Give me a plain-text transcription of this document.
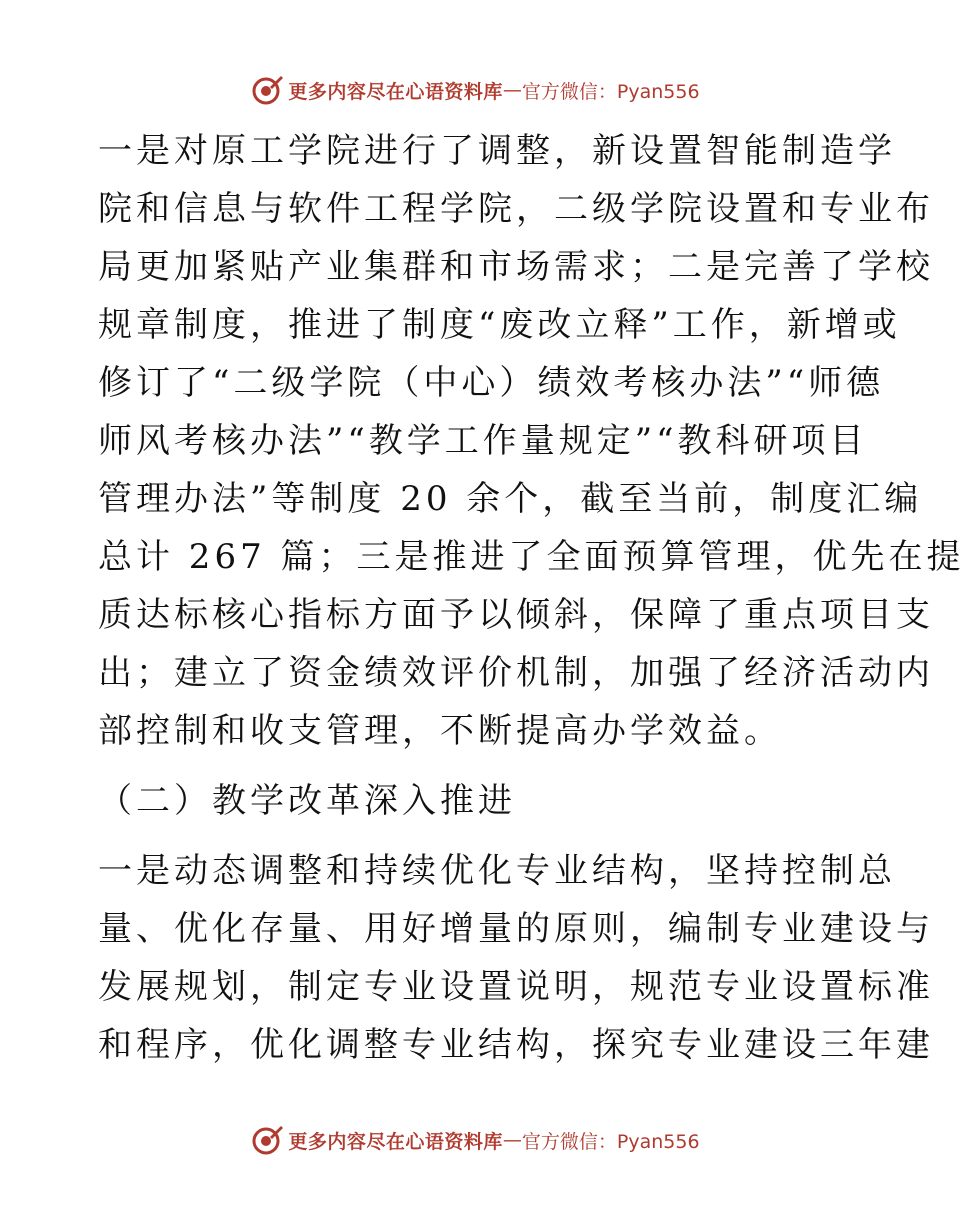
更多内容尽在心语资料库 — 官方微信：Pyan556
一是对原工学院进行了调整，新设置智能制造学
院和信息与软件工程学院，二级学院设置和专业布
局更加紧贴产业集群和市场需求；二是完善了学校
规章制度，推进了制度“废改立释”工作，新增或
修订了“二级学院（中心）绩效考核办法”“师德
师风考核办法”“教学工作量规定”“教科研项目
管理办法”等制度 20 余个，截至当前，制度汇编
总计 267 篇；三是推进了全面预算管理，优先在提
质达标核心指标方面予以倾斜，保障了重点项目支
出；建立了资金绩效评价机制，加强了经济活动内
部控制和收支管理，不断提高办学效益。
（二）教学改革深入推进
一是动态调整和持续优化专业结构，坚持控制总
量、优化存量、用好增量的原则，编制专业建设与
发展规划，制定专业设置说明，规范专业设置标准
和程序，优化调整专业结构，探究专业建设三年建
更多内容尽在心语资料库 — 官方微信：Pyan556
